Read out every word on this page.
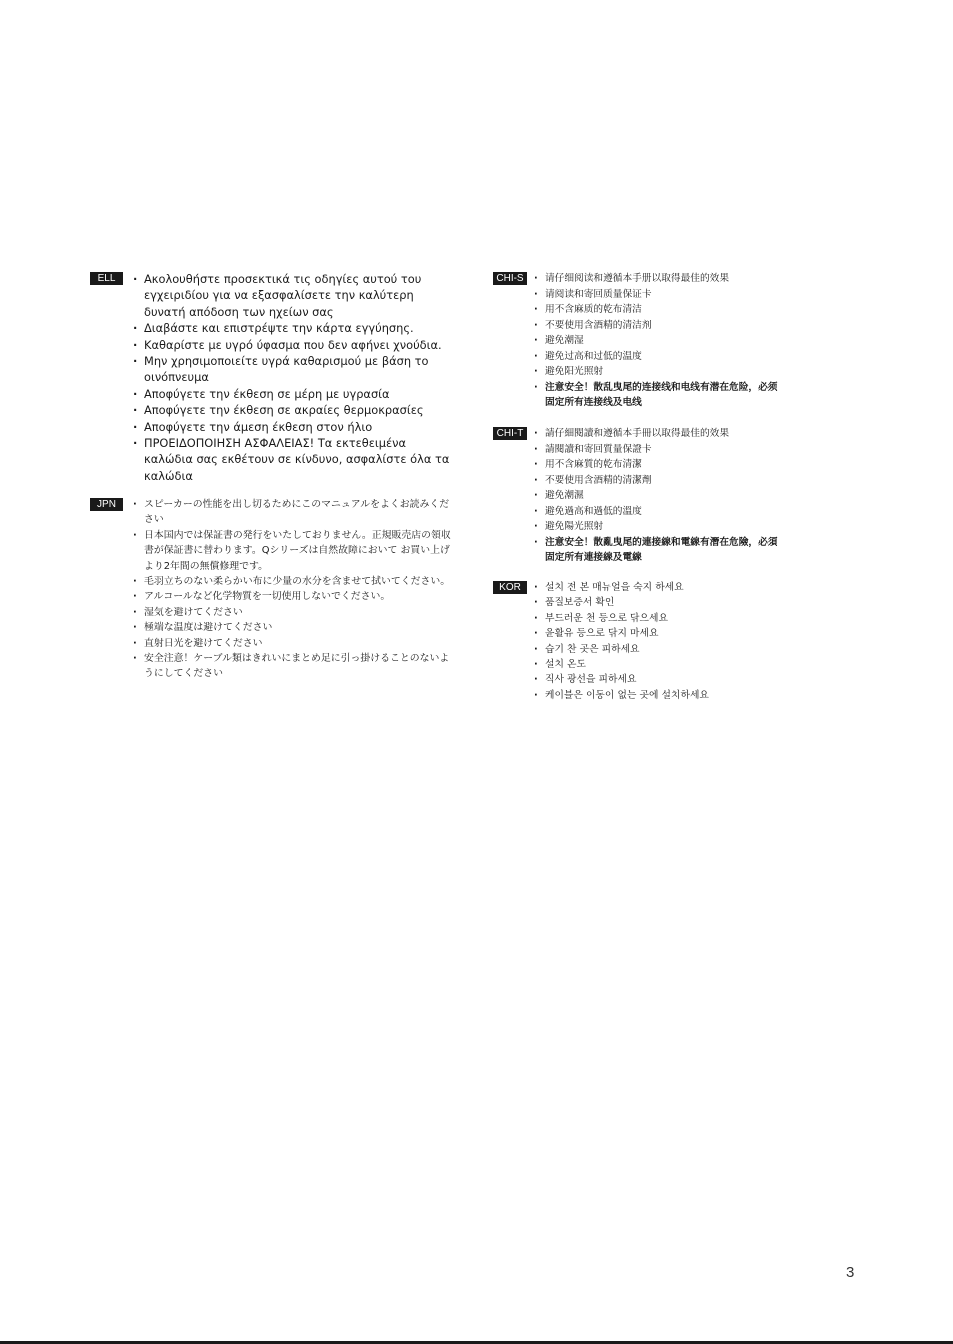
ELL	· Ακολουθήστε προσεκτικά τις οδηγίες αυτού του εγχειριδίου για να εξασφαλίσετε την καλύτερη δυνατή απόδοση των ηχείων σας
· Διαβάστε και επιστρέψτε την κάρτα εγγύησης.
· Καθαρίστε με υγρό ύφασμα που δεν αφήνει χνούδια.
· Μην χρησιμοποιείτε υγρά καθαρισμού με βάση το οινόπνευμα
· Αποφύγετε την έκθεση σε μέρη με υγρασία
· Αποφύγετε την έκθεση σε ακραίες θερμοκρασίες
· Αποφύγετε την άμεση έκθεση στον ήλιο
· ΠΡΟΕΙΔΟΠΟΙΗΣΗ ΑΣΦΑΛΕΙΑΣ! Τα εκτεθειμένα καλώδια σας εκθέτουν σε κίνδυνο, ασφαλίστε όλα τα καλώδια
JPN	· スピーカーの性能を出し切るためにこのマニュアルをよくお読みください
· 日本国内では保証書の発行をいたしておりません。正規販売店の領収書が保証書に替わります。Qシリーズは自然故障において お買い上げより2年間の無償修理です。
· 毛羽立ちのない柔らかい布に少量の水分を含ませて拭いてください。
· アルコールなど化学物質を一切使用しないでください。
· 湿気を避けてください
· 極端な温度は避けてください
· 直射日光を避けてください
· 安全注意！ケーブル類はきれいにまとめ足に引っ掛けることのないようにしてください
CHI-S	· 请仔细阅读和遵循本手册以取得最佳的效果
· 请阅读和寄回质量保证卡
· 用不含麻质的乾布清洁
· 不要使用含酒精的清洁剂
· 避免潮湿
· 避免过高和过低的温度
· 避免阳光照射
· 注意安全！散乱曳尾的连接线和电线有潜在危险，必须固定所有连接线及电线
CHI-T	· 請仔細閱讀和遵循本手冊以取得最佳的效果
· 請閱讀和寄回質量保證卡
· 用不含麻質的乾布清潔
· 不要使用含酒精的清潔劑
· 避免潮濕
· 避免過高和過低的溫度
· 避免陽光照射
· 注意安全！散亂曳尾的連接線和電線有潛在危險，必須固定所有連接線及電線
KOR	· 설치 전 본 매뉴얼을 숙지 하세요
· 품질보증서 확인
· 부드러운 천 등으로 닦으세요
· 윤활유 등으로 닦지 마세요
· 습기 찬 곳은 피하세요
· 설치 온도
· 직사 광선을 피하세요
· 케이블은 이동이 없는 곳에 설치하세요
3
